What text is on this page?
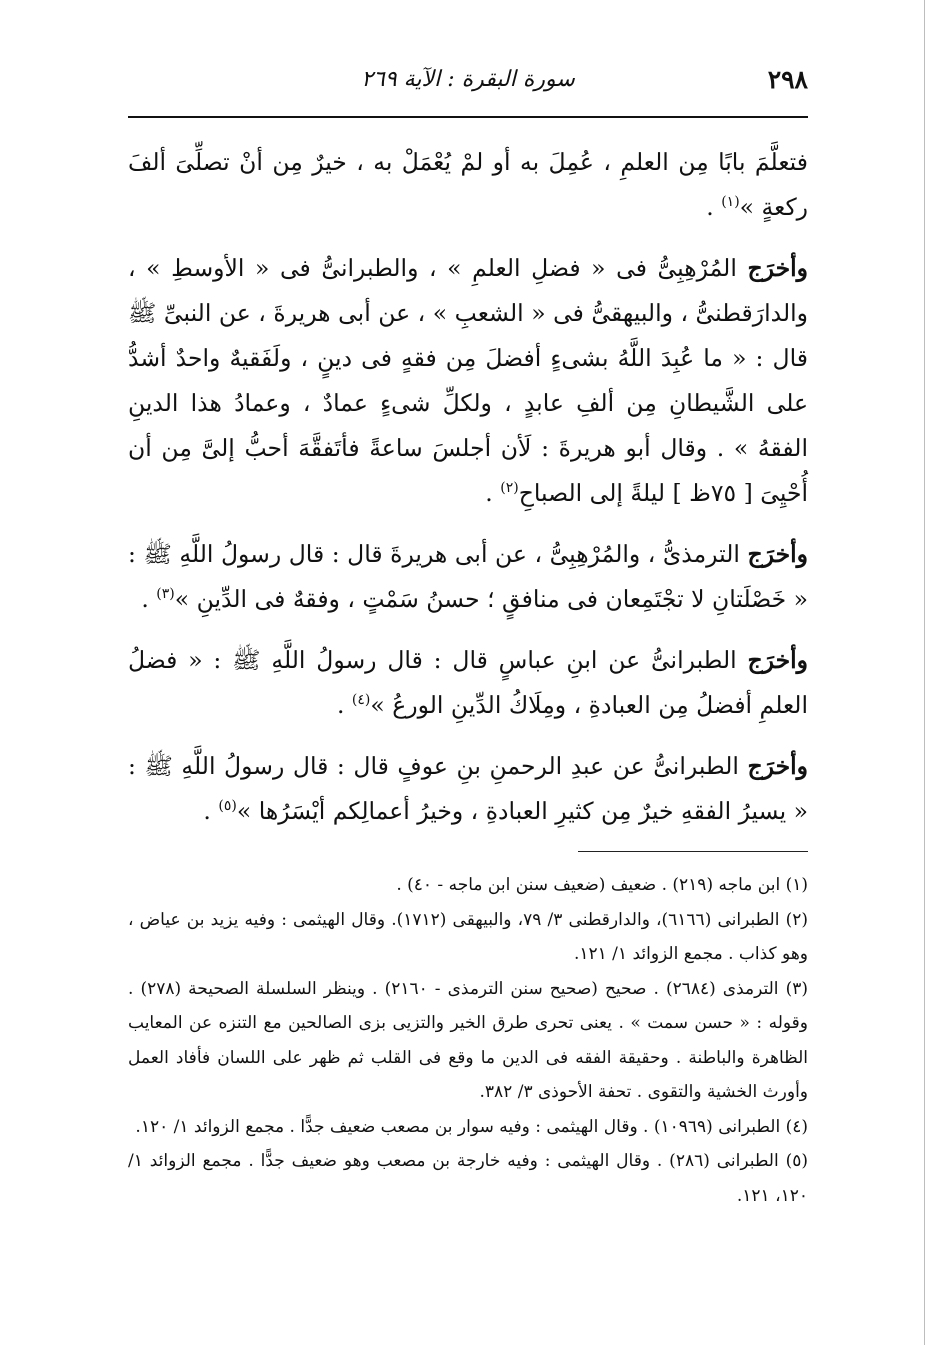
٢٩٨
سورة البقرة : الآية ٢٦٩

فتعلَّمَ بابًا مِن العلمِ ، عُمِلَ به أو لمْ يُعْمَلْ به ، خيرٌ مِن أنْ تصلِّىَ ألفَ ركعةٍ »$^{(١)}$ .

وأخرَج المُرْهِبِىُّ فى « فضلِ العلمِ » ، والطبرانىُّ فى « الأوسطِ » ، والدارَقطنىُّ ، والبيهقىُّ فى « الشعبِ » ، عن أبى هريرةَ ، عن النبىِّ ﷺ قال : « ما عُبِدَ اللَّهُ بشىءٍ أفضلَ مِن فقهٍ فى دينٍ ، ولَفَقيهٌ واحدٌ أشدُّ على الشَّيطانِ مِن ألفِ عابدٍ ، ولكلِّ شىءٍ عمادٌ ، وعمادُ هذا الدينِ الفقهُ » . وقال أبو هريرةَ : لَأن أجلسَ ساعةً فأتَفقَّهَ أحبُّ إلىَّ مِن أن أُحْيِىَ [ ٧٥ظ ] ليلةً إلى الصباحِ$^{(٢)}$ .

وأخرَج الترمذىُّ ، والمُرْهِبِىُّ ، عن أبى هريرةَ قال : قال رسولُ اللَّهِ ﷺ : « خَصْلَتانِ لا تجْتَمِعان فى منافقٍ ؛ حسنُ سَمْتٍ ، وفقهٌ فى الدِّينِ »$^{(٣)}$ .

وأخرَج الطبرانىُّ عن ابنِ عباسٍ قال : قال رسولُ اللَّهِ ﷺ : « فضلُ العلمِ أفضلُ مِن العبادةِ ، ومِلَاكُ الدِّينِ الورعُ »$^{(٤)}$ .

وأخرَج الطبرانىُّ عن عبدِ الرحمنِ بنِ عوفٍ قال : قال رسولُ اللَّهِ ﷺ : « يسيرُ الفقهِ خيرٌ مِن كثيرِ العبادةِ ، وخيرُ أعمالِكم أيْسَرُها »$^{(٥)}$ .

(١) ابن ماجه (٢١٩) . ضعيف (ضعيف سنن ابن ماجه - ٤٠) .

(٢) الطبرانى (٦١٦٦)، والدارقطنى ٣/ ٧٩، والبيهقى (١٧١٢). وقال الهيثمى : وفيه يزيد بن عياض ، وهو كذاب . مجمع الزوائد ١/ ١٢١.

(٣) الترمذى (٢٦٨٤) . صحيح (صحيح سنن الترمذى - ٢١٦٠) . وينظر السلسلة الصحيحة (٢٧٨) . وقوله : « حسن سمت » . يعنى تحرى طرق الخير والتزيى بزى الصالحين مع التنزه عن المعايب الظاهرة والباطنة . وحقيقة الفقه فى الدين ما وقع فى القلب ثم ظهر على اللسان فأفاد العمل وأورث الخشية والتقوى . تحفة الأحوذى ٣/ ٣٨٢.

(٤) الطبرانى (١٠٩٦٩) . وقال الهيثمى : وفيه سوار بن مصعب ضعيف جدًّا . مجمع الزوائد ١/ ١٢٠.

(٥) الطبرانى (٢٨٦) . وقال الهيثمى : وفيه خارجة بن مصعب وهو ضعيف جدًّا . مجمع الزوائد ١/ ١٢٠، ١٢١.
